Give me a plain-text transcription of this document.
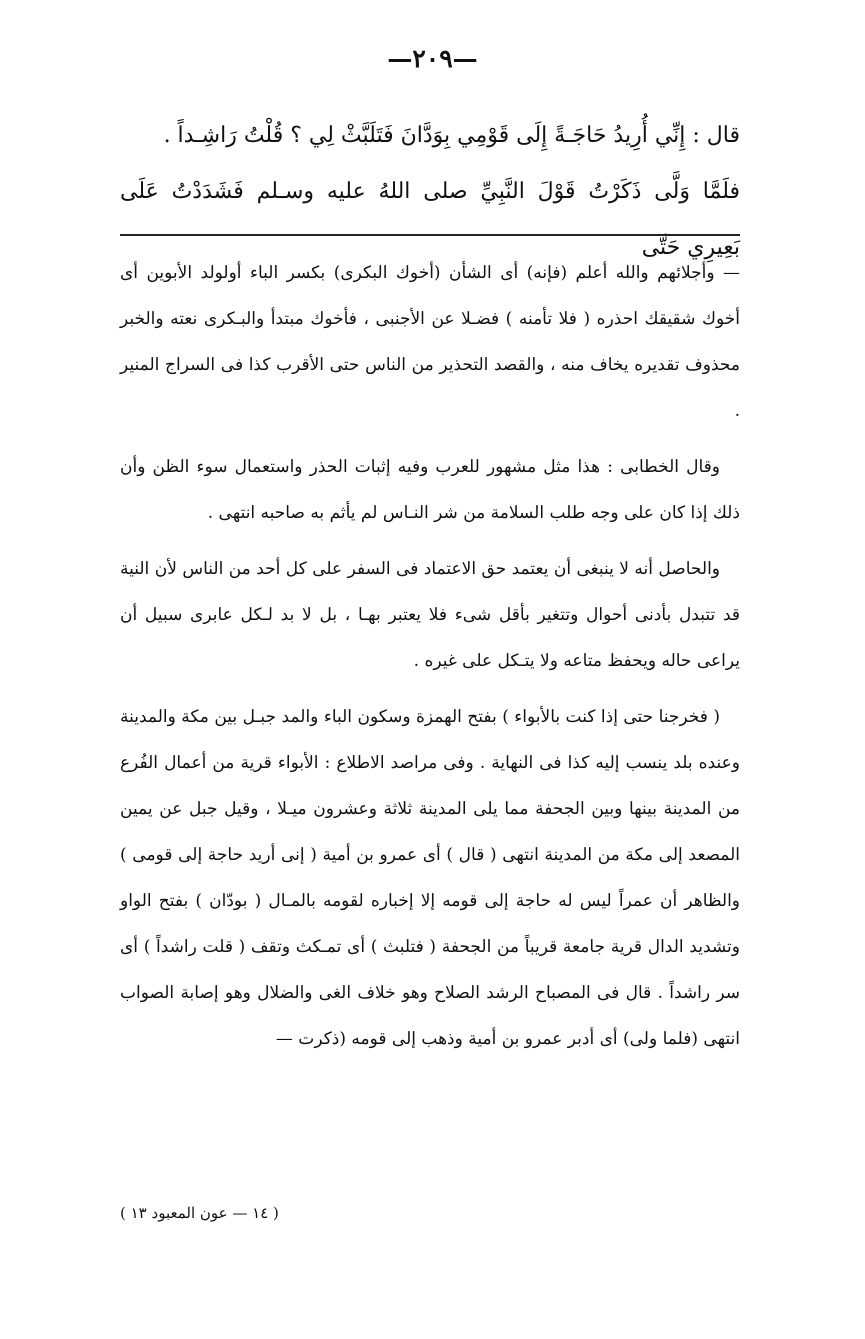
—٢٠٩—
قال : إِنِّي أُرِيدُ حَاجَـةً إِلَى قَوْمِي بِوَدَّانَ فَتَلَبَّثْ لِي ؟ قُلْتُ رَاشِـداً .
فلَمَّا وَلَّى ذَكَرْتُ قَوْلَ النَّبِيِّ صلى اللهُ عليه وسـلم فَشَدَدْتُ عَلَى بَعِيرِي حَتَّى

— وأجلائهم والله أعلم (فإنه) أى الشأن (أخوك البكرى) بكسر الباء أولولد الأبوين أى أخوك شقيقك احذره ( فلا تأمنه ) فضـلا عن الأجنبى ، فأخوك مبتدأ والبـكرى نعته والخبر محذوف تقديره يخاف منه ، والقصد التحذير من الناس حتى الأقرب كذا فى السراج المنير .

وقال الخطابى : هذا مثل مشهور للعرب وفيه إثبات الحذر واستعمال سوء الظن وأن ذلك إذا كان على وجه طلب السلامة من شر النـاس لم يأثم به صاحبه انتهى .

والحاصل أنه لا ينبغى أن يعتمد حق الاعتماد فى السفر على كل أحد من الناس لأن النية قد تتبدل بأدنى أحوال وتتغير بأقل شىء فلا يعتبر بهـا ، بل لا بد لـكل عابرى سبيل أن يراعى حاله ويحفظ متاعه ولا يتـكل على غيره .

( فخرجنا حتى إذا كنت بالأبواء ) بفتح الهمزة وسكون الباء والمد جبـل بين مكة والمدينة وعنده بلد ينسب إليه كذا فى النهاية . وفى مراصد الاطلاع : الأبواء قرية من أعمال الفُرع من المدينة بينها وبين الجحفة مما يلى المدينة ثلاثة وعشرون ميـلا ، وقيل جبل عن يمين المصعد إلى مكة من المدينة انتهى ( قال ) أى عمرو بن أمية ( إنى أريد حاجة إلى قومى ) والظاهر أن عمراً ليس له حاجة إلى قومه إلا إخباره لقومه بالمـال ( بودّان ) بفتح الواو وتشديد الدال قرية جامعة قريباً من الجحفة ( فتلبث ) أى تمـكث وتقف ( قلت راشداً ) أى سر راشداً . قال فى المصباح الرشد الصلاح وهو خلاف الغى والضلال وهو إصابة الصواب انتهى (فلما ولى) أى أدبر عمرو بن أمية وذهب إلى قومه (ذكرت —

( ١٤ — عون المعبود ١٣ )
